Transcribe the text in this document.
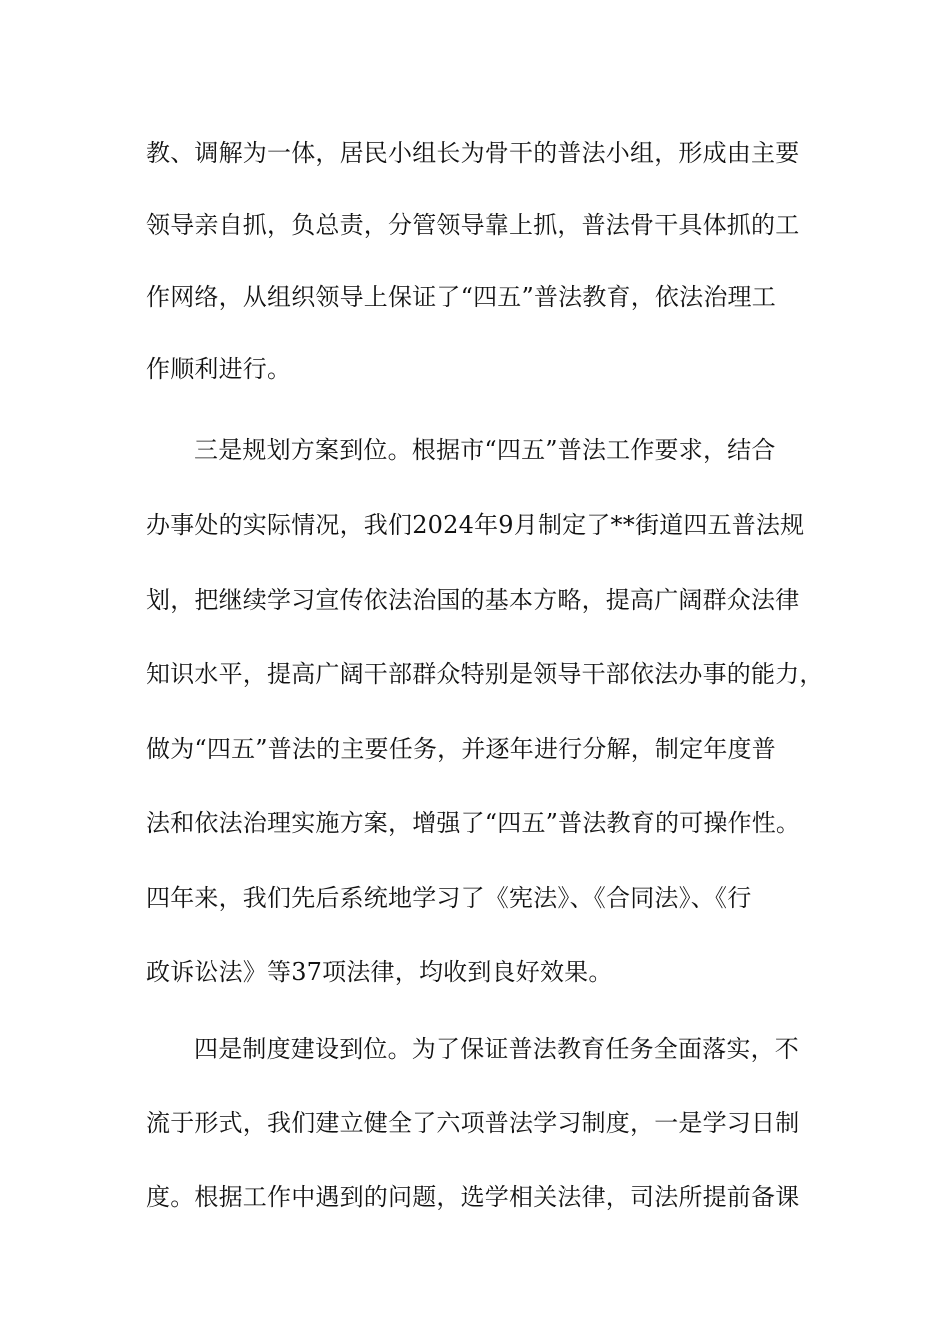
教、调解为一体，居民小组长为骨干的普法小组，形成由主要
领导亲自抓，负总责，分管领导靠上抓，普法骨干具体抓的工
作网络，从组织领导上保证了“四五”普法教育，依法治理工
作顺利进行。
三是规划方案到位。根据市“四五”普法工作要求，结合
办事处的实际情况，我们2024年9月制定了**街道四五普法规
划，把继续学习宣传依法治国的基本方略，提高广阔群众法律
知识水平，提高广阔干部群众特别是领导干部依法办事的能力，
做为“四五”普法的主要任务，并逐年进行分解，制定年度普
法和依法治理实施方案，增强了“四五”普法教育的可操作性。
四年来，我们先后系统地学习了《宪法》、《合同法》、《行
政诉讼法》等37项法律，均收到良好效果。
四是制度建设到位。为了保证普法教育任务全面落实，不
流于形式，我们建立健全了六项普法学习制度，一是学习日制
度。根据工作中遇到的问题，选学相关法律，司法所提前备课
